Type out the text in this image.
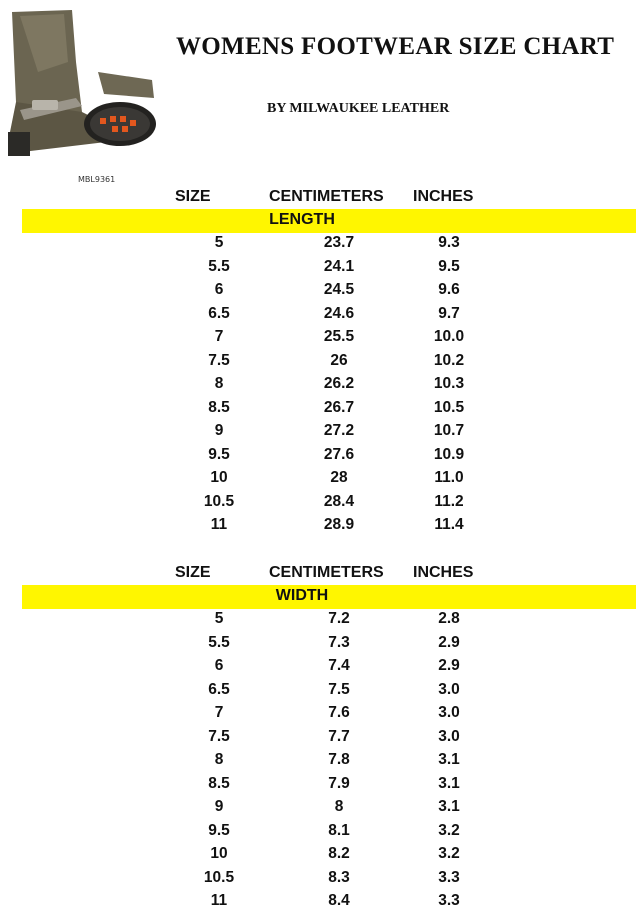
MBL9361
WOMENS FOOTWEAR SIZE CHART
BY MILWAUKEE LEATHER
SIZE	CENTIMETERS INCHES
LENGTH
5	23.7	9.3
5.5	24.1	9.5
6	24.5	9.6
6.5	24.6	9.7
7	25.5	10.0
7.5	26	10.2
8	26.2	10.3
8.5	26.7	10.5
9	27.2	10.7
9.5	27.6	10.9
10	28	11.0
10.5	28.4	11.2
11	28.9	11.4
SIZE	CENTIMETERS INCHES
WIDTH
5	7.2	2.8
5.5	7.3	2.9
6	7.4	2.9
6.5	7.5	3.0
7	7.6	3.0
7.5	7.7	3.0
8	7.8	3.1
8.5	7.9	3.1
9	8	3.1
9.5	8.1	3.2
10	8.2	3.2
10.5	8.3	3.3
11	8.4	3.3
